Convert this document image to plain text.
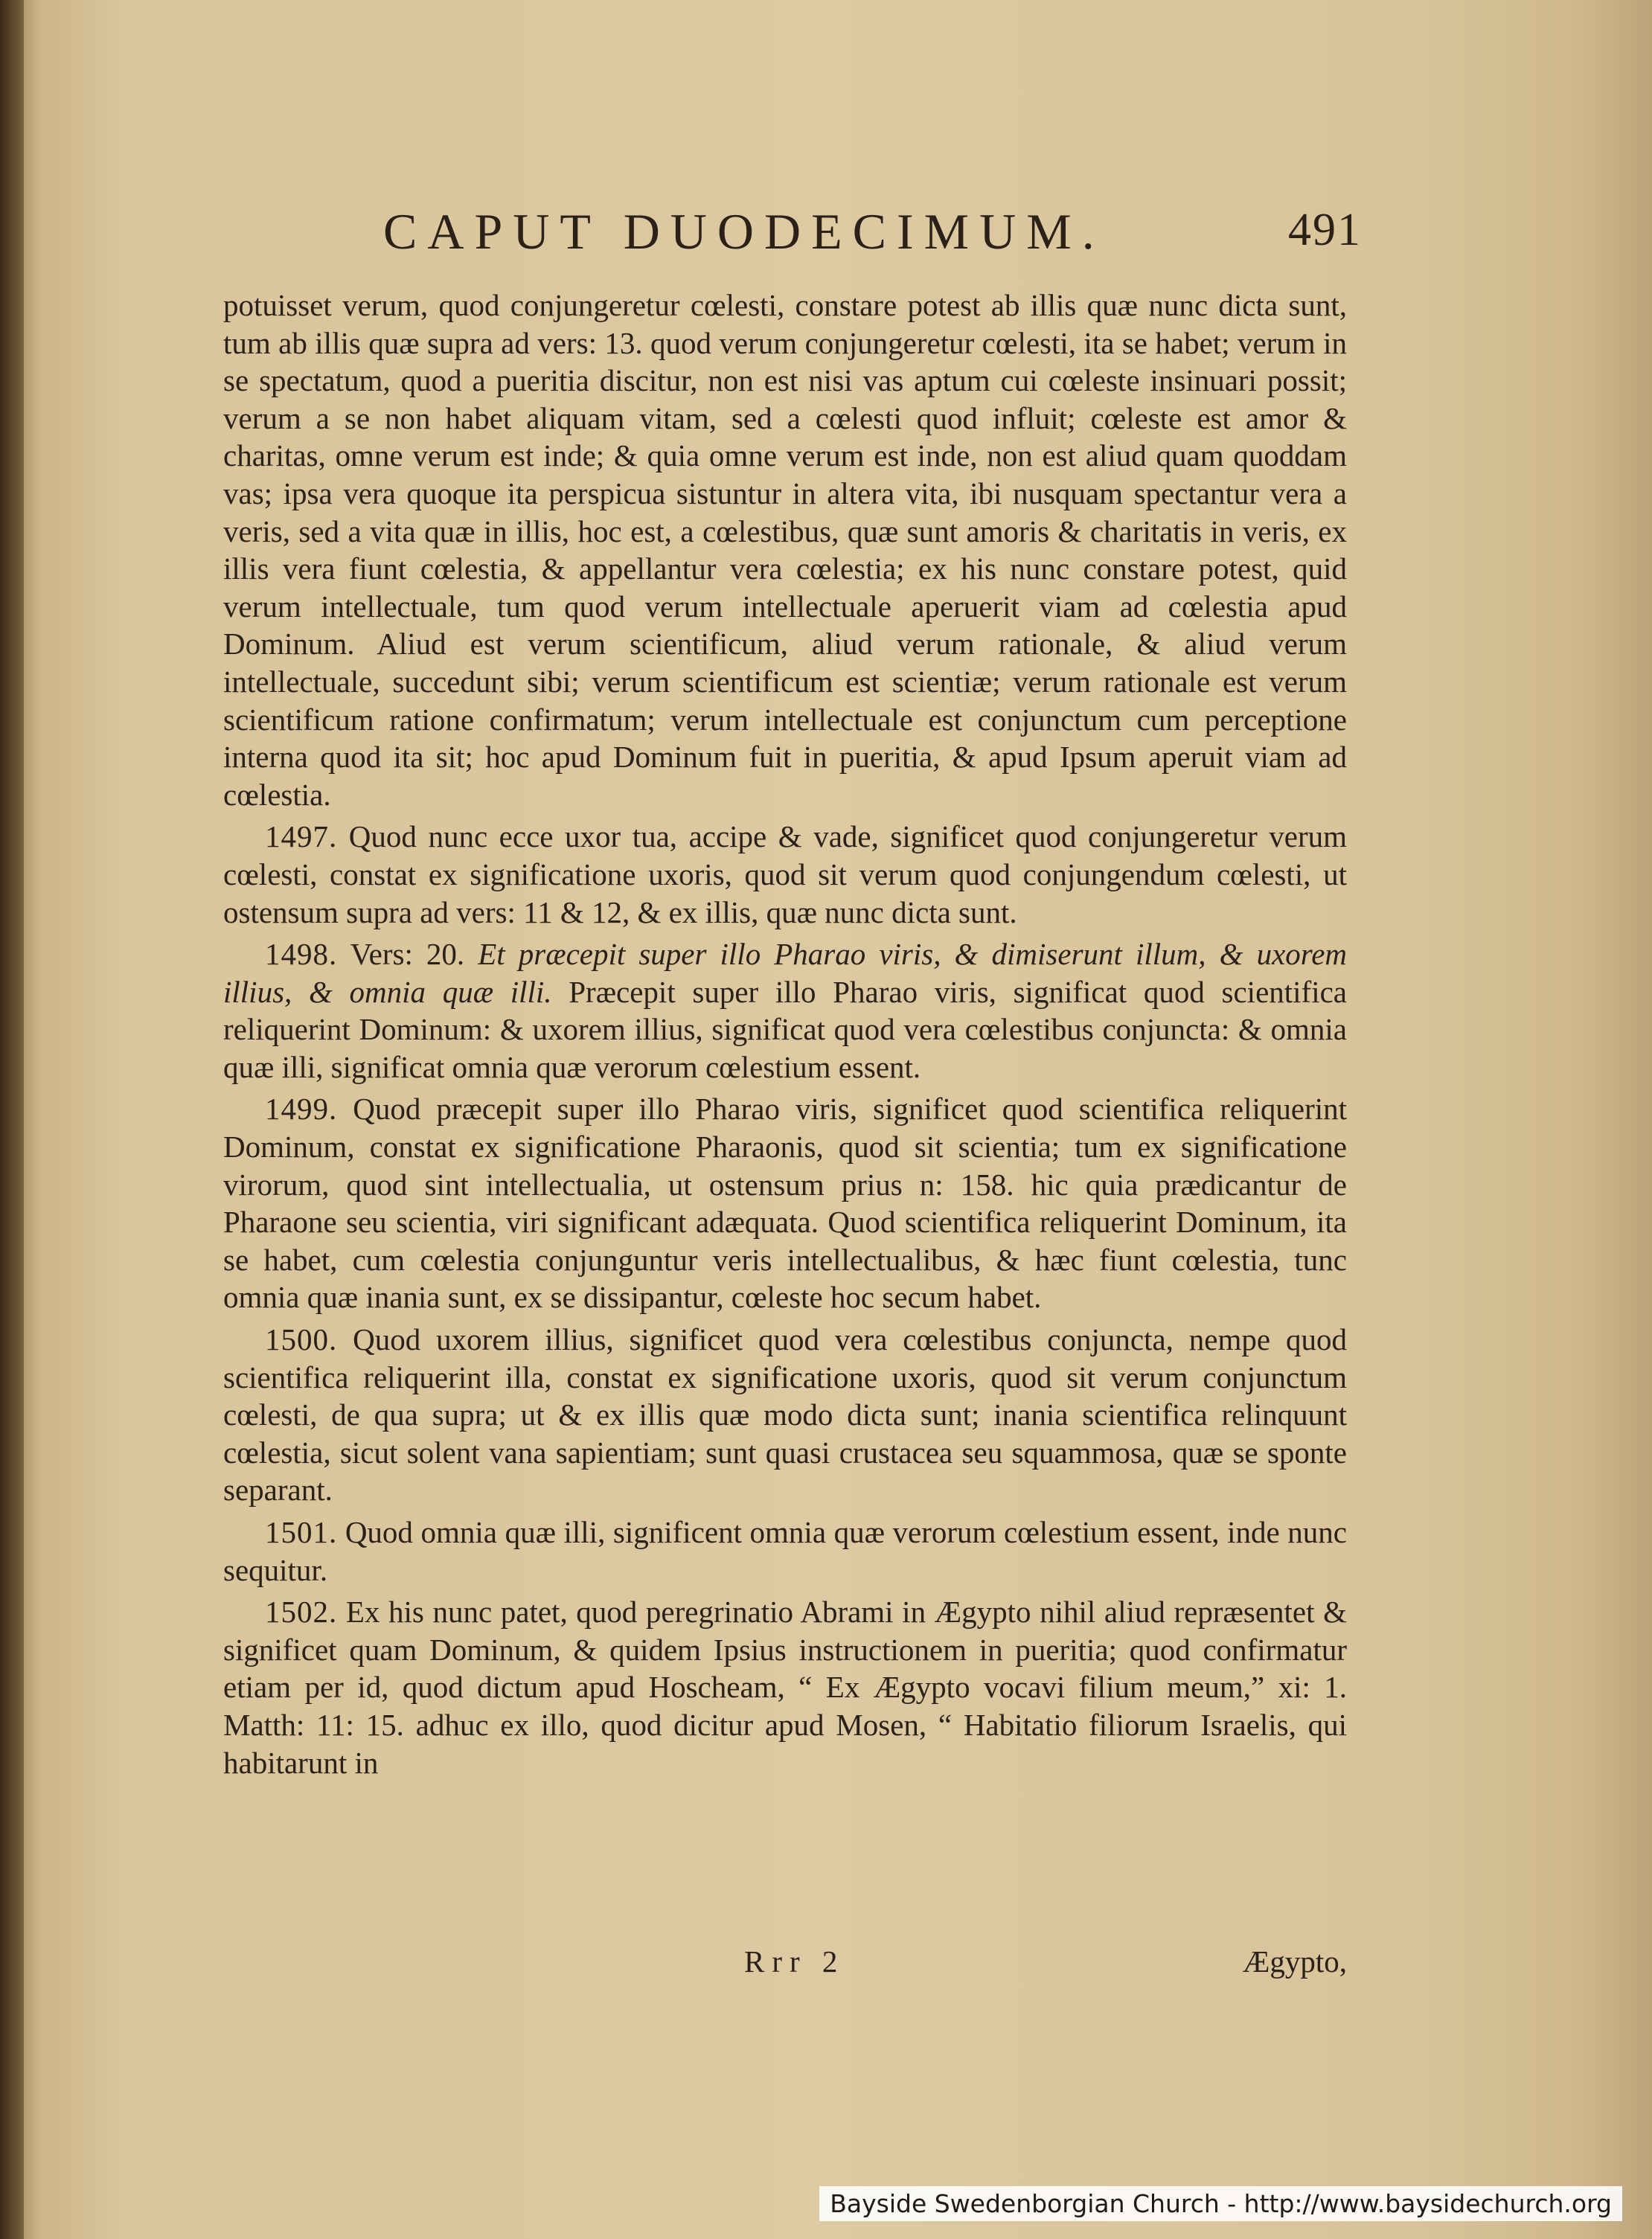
CAPUT DUODECIMUM.	491

potuisset verum, quod conjungeretur cœlesti, constare potest ab illis quæ nunc dicta sunt, tum ab illis quæ supra ad vers: 13. quod verum conjungeretur cœlesti, ita se habet; verum in se spectatum, quod a pueritia discitur, non est nisi vas aptum cui cœleste insinuari possit; verum a se non habet aliquam vitam, sed a cœlesti quod influit; cœleste est amor & charitas, omne verum est inde; & quia omne verum est inde, non est aliud quam quoddam vas; ipsa vera quoque ita perspicua sistuntur in altera vita, ibi nusquam spectantur vera a veris, sed a vita quæ in illis, hoc est, a cœlestibus, quæ sunt amoris & charitatis in veris, ex illis vera fiunt cœlestia, & appellantur vera cœlestia; ex his nunc constare potest, quid verum intellectuale, tum quod verum intellectuale aperuerit viam ad cœlestia apud Dominum. Aliud est verum scientificum, aliud verum rationale, & aliud verum intellectuale, succedunt sibi; verum scientificum est scientiæ; verum rationale est verum scientificum ratione confirmatum; verum intellectuale est conjunctum cum perceptione interna quod ita sit; hoc apud Dominum fuit in pueritia, & apud Ipsum aperuit viam ad cœlestia.

1497. Quod nunc ecce uxor tua, accipe & vade, significet quod conjungeretur verum cœlesti, constat ex significatione uxoris, quod sit verum quod conjungendum cœlesti, ut ostensum supra ad vers: 11 & 12, & ex illis, quæ nunc dicta sunt.

1498. Vers: 20. Et præcepit super illo Pharao viris, & dimiserunt illum, & uxorem illius, & omnia quæ illi. Præcepit super illo Pharao viris, significat quod scientifica reliquerint Dominum: & uxorem illius, significat quod vera cœlestibus conjuncta: & omnia quæ illi, significat omnia quæ verorum cœlestium essent.

1499. Quod præcepit super illo Pharao viris, significet quod scientifica reliquerint Dominum, constat ex significatione Pharaonis, quod sit scientia; tum ex significatione virorum, quod sint intellectualia, ut ostensum prius n: 158. hic quia prædicantur de Pharaone seu scientia, viri significant adæquata. Quod scientifica reliquerint Dominum, ita se habet, cum cœlestia conjunguntur veris intellectualibus, & hæc fiunt cœlestia, tunc omnia quæ inania sunt, ex se dissipantur, cœleste hoc secum habet.

1500. Quod uxorem illius, significet quod vera cœlestibus conjuncta, nempe quod scientifica reliquerint illa, constat ex significatione uxoris, quod sit verum conjunctum cœlesti, de qua supra; ut & ex illis quæ modo dicta sunt; inania scientifica relinquunt cœlestia, sicut solent vana sapientiam; sunt quasi crustacea seu squammosa, quæ se sponte separant.

1501. Quod omnia quæ illi, significent omnia quæ verorum cœlestium essent, inde nunc sequitur.

1502. Ex his nunc patet, quod peregrinatio Abrami in Ægypto nihil aliud repræsentet & significet quam Dominum, & quidem Ipsius instructionem in pueritia; quod confirmatur etiam per id, quod dictum apud Hoscheam, “ Ex Ægypto vocavi filium meum,” xi: 1. Matth: 11: 15. adhuc ex illo, quod dicitur apud Mosen, “ Habitatio filiorum Israelis, qui habitarunt in

Rrr 2	Ægypto,
Bayside Swedenborgian Church - http://www.baysidechurch.org
